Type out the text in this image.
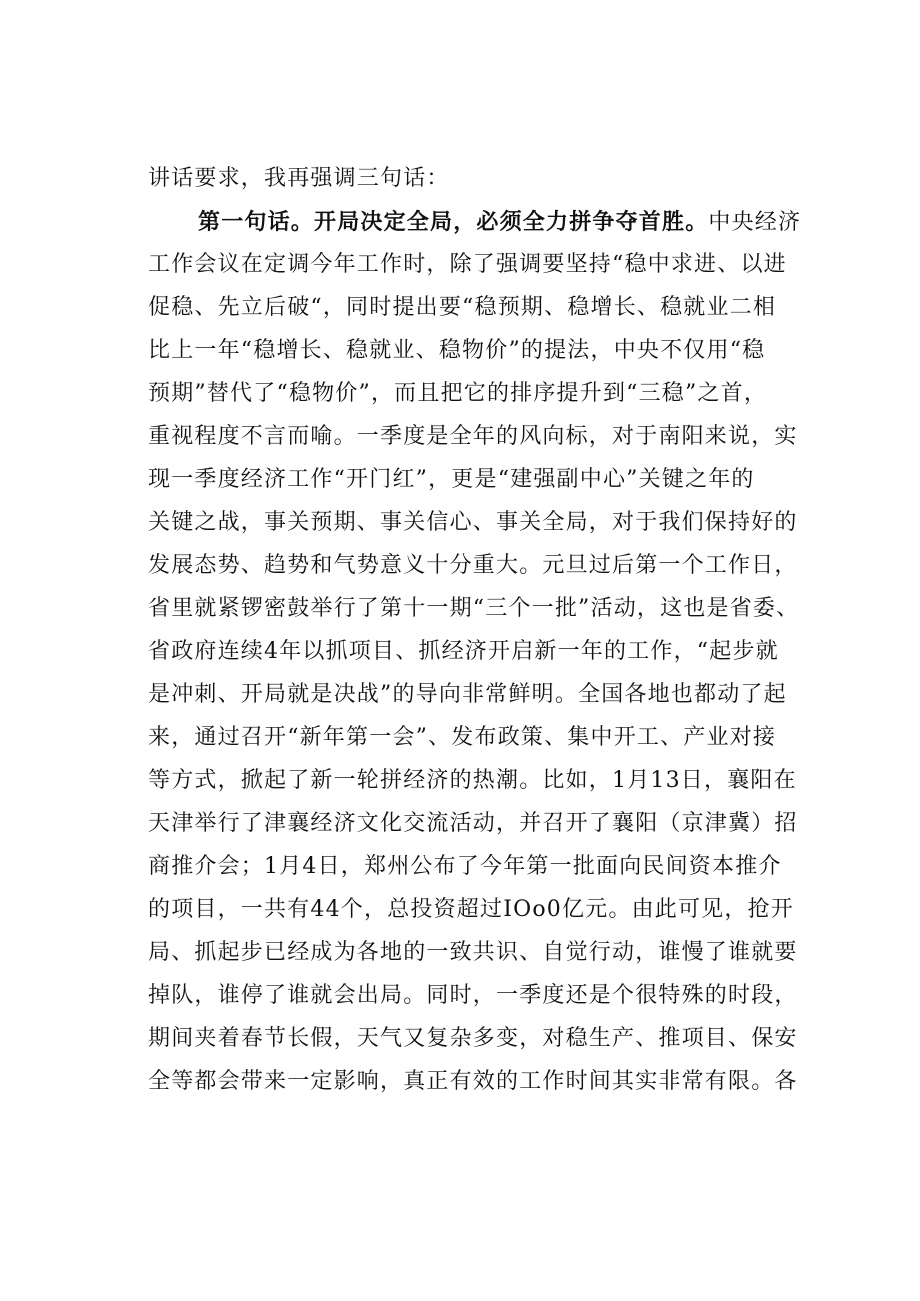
讲话要求，我再强调三句话：
第一句话。开局决定全局，必须全力拼争夺首胜。中央经济
工作会议在定调今年工作时，除了强调要坚持“稳中求进、以进
促稳、先立后破“，同时提出要“稳预期、稳增长、稳就业二相
比上一年“稳增长、稳就业、稳物价”的提法，中央不仅用“稳
预期”替代了“稳物价”，而且把它的排序提升到“三稳”之首，
重视程度不言而喻。一季度是全年的风向标，对于南阳来说，实
现一季度经济工作“开门红”，更是“建强副中心”关键之年的
关键之战，事关预期、事关信心、事关全局，对于我们保持好的
发展态势、趋势和气势意义十分重大。元旦过后第一个工作日，
省里就紧锣密鼓举行了第十一期“三个一批”活动，这也是省委、
省政府连续4年以抓项目、抓经济开启新一年的工作，“起步就
是冲刺、开局就是决战”的导向非常鲜明。全国各地也都动了起
来，通过召开“新年第一会”、发布政策、集中开工、产业对接
等方式，掀起了新一轮拼经济的热潮。比如，1月13日，襄阳在
天津举行了津襄经济文化交流活动，并召开了襄阳（京津冀）招
商推介会；1月4日，郑州公布了今年第一批面向民间资本推介
的项目，一共有44个，总投资超过IOo0亿元。由此可见，抢开
局、抓起步已经成为各地的一致共识、自觉行动，谁慢了谁就要
掉队，谁停了谁就会出局。同时，一季度还是个很特殊的时段，
期间夹着春节长假，天气又复杂多变，对稳生产、推项目、保安
全等都会带来一定影响，真正有效的工作时间其实非常有限。各
